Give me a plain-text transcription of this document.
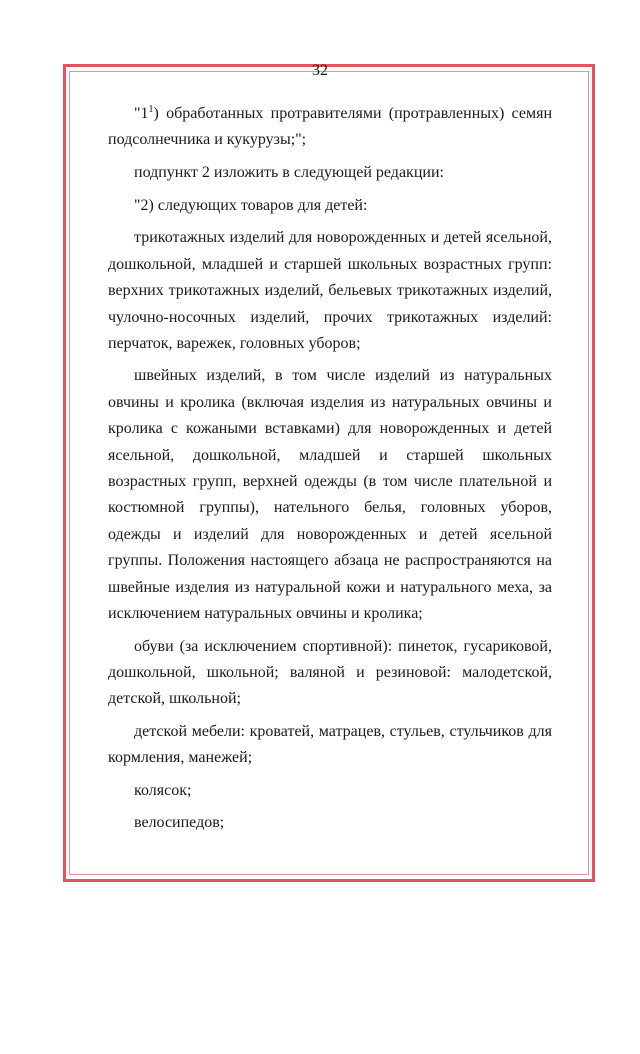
32

"$1^1$) обработанных протравителями (протравленных) семян подсолнечника и кукурузы;";

подпункт 2 изложить в следующей редакции:

"2) следующих товаров для детей:

трикотажных изделий для новорожденных и детей ясельной, дошкольной, младшей и старшей школьных возрастных групп: верхних трикотажных изделий, бельевых трикотажных изделий, чулочно-носочных изделий, прочих трикотажных изделий: перчаток, варежек, головных уборов;

швейных изделий, в том числе изделий из натуральных овчины и кролика (включая изделия из натуральных овчины и кролика с кожаными вставками) для новорожденных и детей ясельной, дошкольной, младшей и старшей школьных возрастных групп, верхней одежды (в том числе плательной и костюмной группы), нательного белья, головных уборов, одежды и изделий для новорожденных и детей ясельной группы. Положения настоящего абзаца не распространяются на швейные изделия из натуральной кожи и натурального меха, за исключением натуральных овчины и кролика;

обуви (за исключением спортивной): пинеток, гусариковой, дошкольной, школьной; валяной и резиновой: малодетской, детской, школьной;

детской мебели: кроватей, матрацев, стульев, стульчиков для кормления, манежей;

колясок;

велосипедов;
